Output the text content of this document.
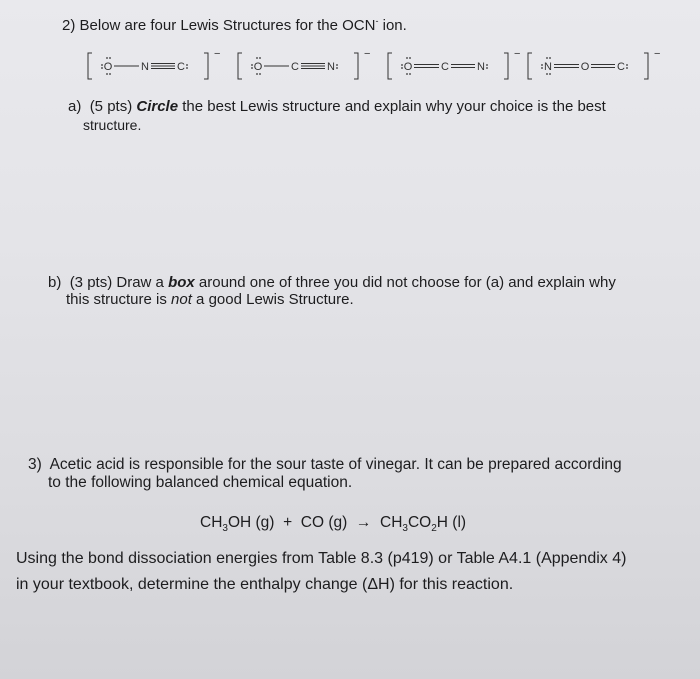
2) Below are four Lewis Structures for the OCN- ion.
−
O	N	C
−
O	C	N
−
O	C	N
−
N	O	C
a) (5 pts) Circle the best Lewis structure and explain why your choice is the best
structure.
b) (3 pts) Draw a box around one of three you did not choose for (a) and explain why
this structure is not a good Lewis Structure.
3) Acetic acid is responsible for the sour taste of vinegar. It can be prepared according
to the following balanced chemical equation.
$CH_3OH$ (g) + CO $(g) \to CH_3CO_2H$ (l)
Using the bond dissociation energies from Table 8.3 (p419) or Table A4.1 (Appendix 4)
in your textbook, determine the enthalpy change (ΔH) for this reaction.
